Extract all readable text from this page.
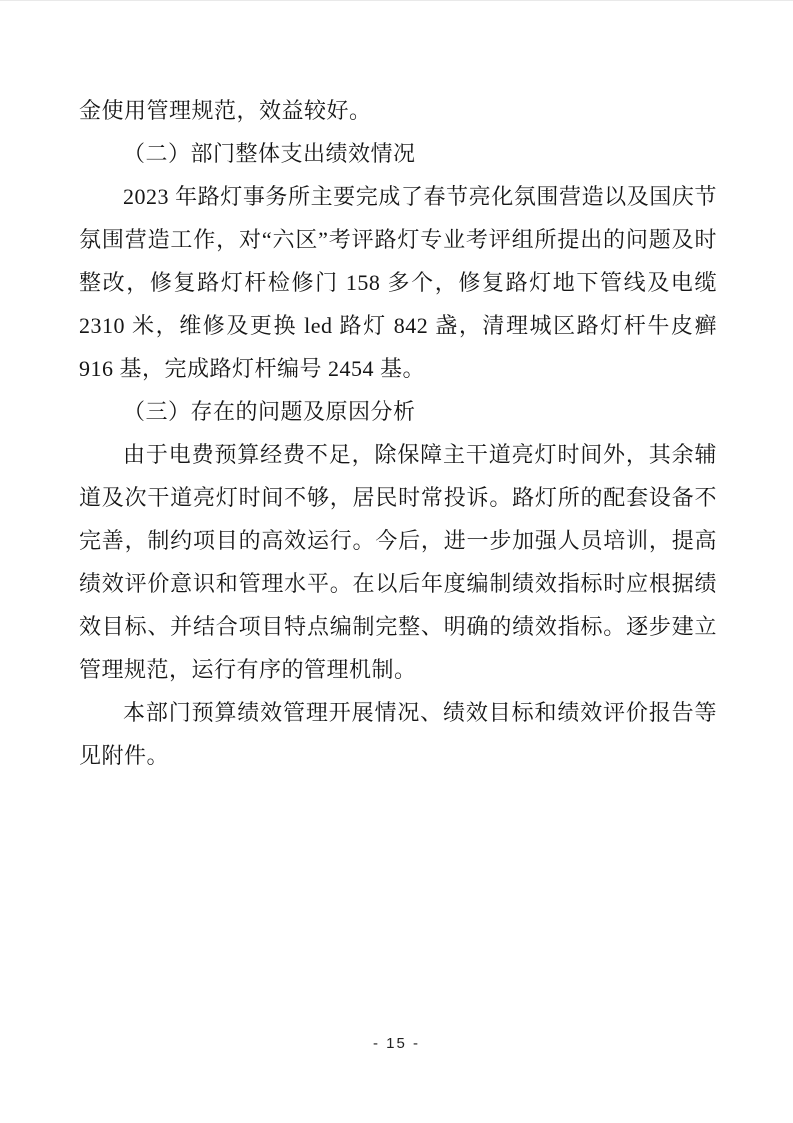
金使用管理规范，效益较好。

（二）部门整体支出绩效情况

2023 年路灯事务所主要完成了春节亮化氛围营造以及国庆节氛围营造工作，对“六区”考评路灯专业考评组所提出的问题及时整改，修复路灯杆检修门 158 多个，修复路灯地下管线及电缆 2310 米，维修及更换 led 路灯 842 盏，清理城区路灯杆牛皮癣 916 基，完成路灯杆编号 2454 基。

（三）存在的问题及原因分析

由于电费预算经费不足，除保障主干道亮灯时间外，其余辅道及次干道亮灯时间不够，居民时常投诉。路灯所的配套设备不完善，制约项目的高效运行。今后，进一步加强人员培训，提高绩效评价意识和管理水平。在以后年度编制绩效指标时应根据绩效目标、并结合项目特点编制完整、明确的绩效指标。逐步建立管理规范，运行有序的管理机制。

本部门预算绩效管理开展情况、绩效目标和绩效评价报告等见附件。

- 15 -
